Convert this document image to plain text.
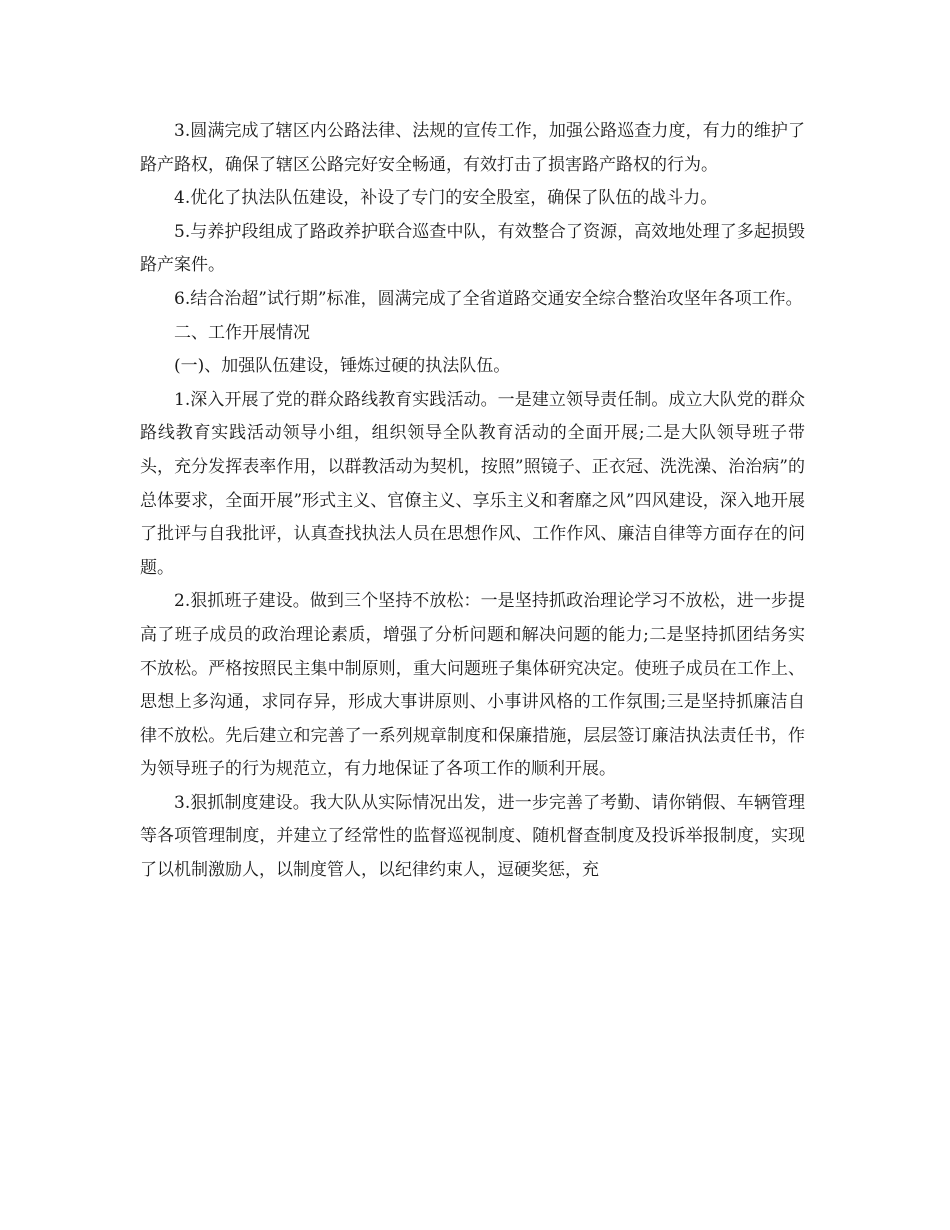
3.圆满完成了辖区内公路法律、法规的宣传工作，加强公路巡查力度，有力的维护了路产路权，确保了辖区公路完好安全畅通，有效打击了损害路产路权的行为。

4.优化了执法队伍建设，补设了专门的安全股室，确保了队伍的战斗力。

5.与养护段组成了路政养护联合巡查中队，有效整合了资源，高效地处理了多起损毁路产案件。

6.结合治超”试行期”标准，圆满完成了全省道路交通安全综合整治攻坚年各项工作。

二、工作开展情况

(一)、加强队伍建设，锤炼过硬的执法队伍。

1.深入开展了党的群众路线教育实践活动。一是建立领导责任制。成立大队党的群众路线教育实践活动领导小组，组织领导全队教育活动的全面开展;二是大队领导班子带头，充分发挥表率作用，以群教活动为契机，按照”照镜子、正衣冠、洗洗澡、治治病”的总体要求，全面开展”形式主义、官僚主义、享乐主义和奢靡之风”四风建设，深入地开展了批评与自我批评，认真查找执法人员在思想作风、工作作风、廉洁自律等方面存在的问题。

2.狠抓班子建设。做到三个坚持不放松：一是坚持抓政治理论学习不放松，进一步提高了班子成员的政治理论素质，增强了分析问题和解决问题的能力;二是坚持抓团结务实不放松。严格按照民主集中制原则，重大问题班子集体研究决定。使班子成员在工作上、思想上多沟通，求同存异，形成大事讲原则、小事讲风格的工作氛围;三是坚持抓廉洁自律不放松。先后建立和完善了一系列规章制度和保廉措施，层层签订廉洁执法责任书，作为领导班子的行为规范立，有力地保证了各项工作的顺利开展。

3.狠抓制度建设。我大队从实际情况出发，进一步完善了考勤、请你销假、车辆管理等各项管理制度，并建立了经常性的监督巡视制度、随机督查制度及投诉举报制度，实现了以机制激励人，以制度管人，以纪律约束人，逗硬奖惩，充
